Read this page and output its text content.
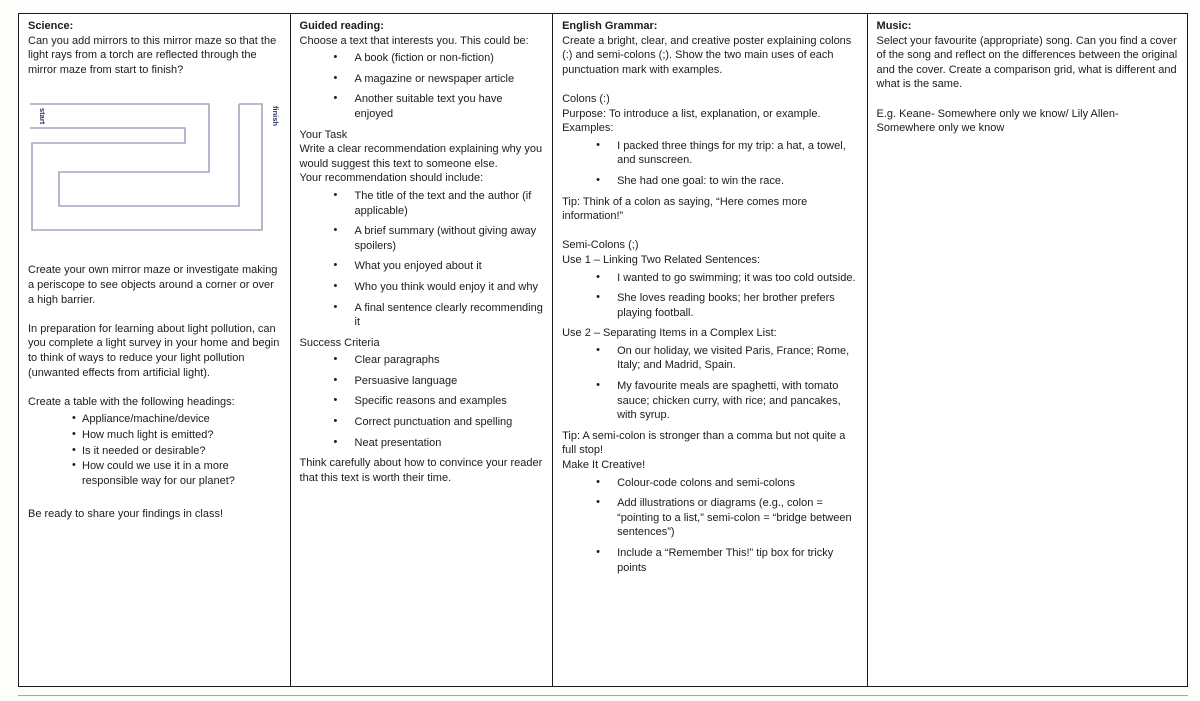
Science:
Can you add mirrors to this mirror maze so that the light rays from a torch are reflected through the mirror maze from start to finish?
start	finish
Create your own mirror maze or investigate making a periscope to see objects around a corner or over a high barrier.
In preparation for learning about light pollution, can you complete a light survey in your home and begin to think of ways to reduce your light pollution (unwanted effects from artificial light).
Create a table with the following headings:
• Appliance/machine/device
• How much light is emitted?
• Is it needed or desirable?
• How could we use it in a more responsible way for our planet?
Be ready to share your findings in class!
Guided reading:
Choose a text that interests you. This could be:
• A book (fiction or non-fiction)
• A magazine or newspaper article
• Another suitable text you have enjoyed
Your Task
Write a clear recommendation explaining why you would suggest this text to someone else.
Your recommendation should include:
• The title of the text and the author (if applicable)
• A brief summary (without giving away spoilers)
• What you enjoyed about it
• Who you think would enjoy it and why
• A final sentence clearly recommending it
Success Criteria
• Clear paragraphs
• Persuasive language
• Specific reasons and examples
• Correct punctuation and spelling
• Neat presentation
Think carefully about how to convince your reader that this text is worth their time.
English Grammar:
Create a bright, clear, and creative poster explaining colons (:) and semi-colons (;). Show the two main uses of each punctuation mark with examples.
Colons (:)
Purpose: To introduce a list, explanation, or example.
Examples:
• I packed three things for my trip: a hat, a towel, and sunscreen.
• She had one goal: to win the race.
Tip: Think of a colon as saying, “Here comes more information!”
Semi-Colons (;)
Use 1 – Linking Two Related Sentences:
• I wanted to go swimming; it was too cold outside.
• She loves reading books; her brother prefers playing football.
Use 2 – Separating Items in a Complex List:
• On our holiday, we visited Paris, France; Rome, Italy; and Madrid, Spain.
• My favourite meals are spaghetti, with tomato sauce; chicken curry, with rice; and pancakes, with syrup.
Tip: A semi-colon is stronger than a comma but not quite a full stop!
Make It Creative!
• Colour-code colons and semi-colons
• Add illustrations or diagrams (e.g., colon = “pointing to a list,” semi-colon = “bridge between sentences”)
• Include a “Remember This!” tip box for tricky points
Music:
Select your favourite (appropriate) song. Can you find a cover of the song and reflect on the differences between the original and the cover. Create a comparison grid, what is different and what is the same.
E.g. Keane- Somewhere only we know/ Lily Allen- Somewhere only we know
